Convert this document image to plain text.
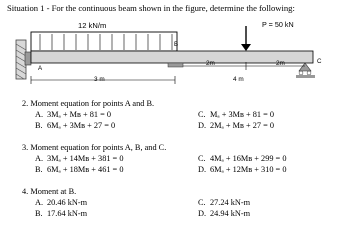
Situation 1 - For the continuous beam shown in the figure, determine the following:
12 kN/m	P = 50 kN
B
C
A
3 m
2m
4 m
2m
2. Moment equation for points A and B.
A. 3Mₐ + Mʙ + 81 = 0	C. Mₐ + 3Mʙ + 81 = 0
B. 6Mₐ + 3Mʙ + 27 = 0	D. 2Mₐ + Mʙ + 27 = 0
3. Moment equation for points A, B, and C.
A. 3Mₐ + 14Mʙ + 381 = 0	C. 4Mₐ + 16Mʙ + 299 = 0
B. 6Mₐ + 18Mʙ + 461 = 0	D. 6Mₐ + 12Mʙ + 310 = 0
4. Moment at B.
A. 20.46 kN-m	C. 27.24 kN-m
B. 17.64 kN-m	D. 24.94 kN-m
